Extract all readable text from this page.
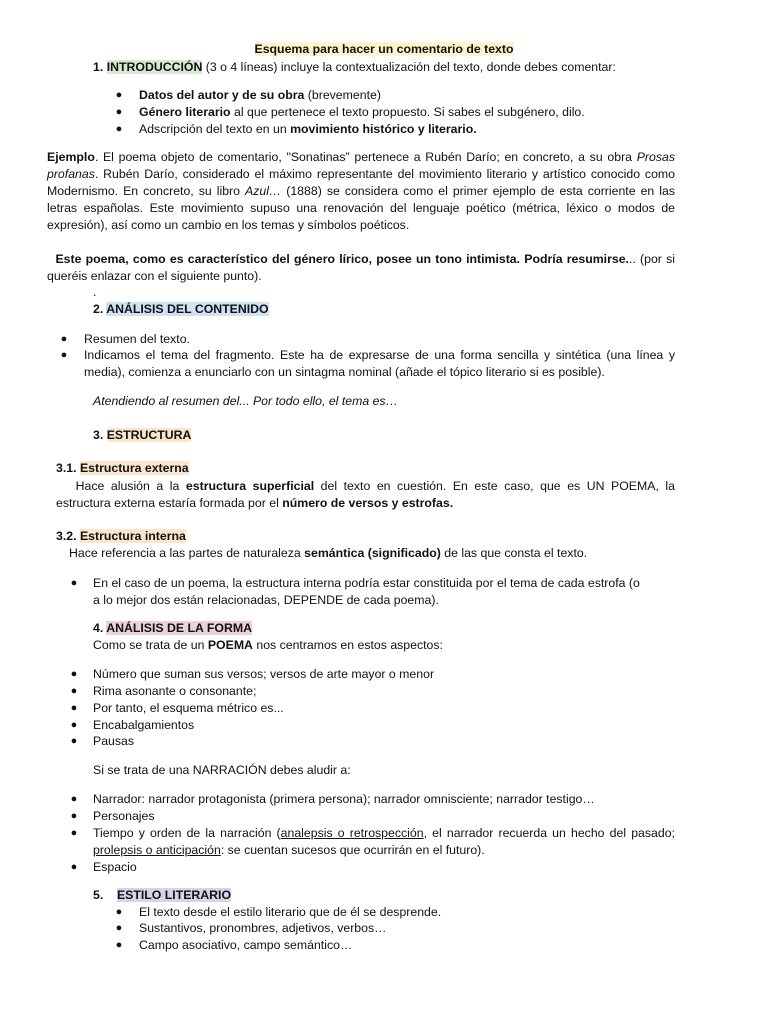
Esquema para hacer un comentario de texto
1. INTRODUCCIÓN (3 o 4 líneas) incluye la contextualización del texto, donde debes comentar:
● Datos del autor y de su obra (brevemente)
● Género literario al que pertenece el texto propuesto. Si sabes el subgénero, dilo.
● Adscripción del texto en un movimiento histórico y literario.
Ejemplo. El poema objeto de comentario, "Sonatinas” pertenece a Rubén Darío; en concreto, a su obra Prosas
profanas. Rubén Darío, considerado el máximo representante del movimiento literario y artístico conocido como
Modernismo. En concreto, su libro Azul… (1888) se considera como el primer ejemplo de esta corriente en las
letras españolas. Este movimiento supuso una renovación del lenguaje poético (métrica, léxico o modos de
expresión), así como un cambio en los temas y símbolos poéticos.
Este poema, como es característico del género lírico, posee un tono intimista. Podría resumirse... (por si
queréis enlazar con el siguiente punto).
.
2. ANÁLISIS DEL CONTENIDO
● Resumen del texto.
● Indicamos el tema del fragmento. Este ha de expresarse de una forma sencilla y sintética (una línea y
media), comienza a enunciarlo con un sintagma nominal (añade el tópico literario si es posible).
Atendiendo al resumen del... Por todo ello, el tema es…
3. ESTRUCTURA
3.1. Estructura externa
Hace alusión a la estructura superficial del texto en cuestión. En este caso, que es UN POEMA, la
estructura externa estaría formada por el número de versos y estrofas.
3.2. Estructura interna
Hace referencia a las partes de naturaleza semántica (significado) de las que consta el texto.
● En el caso de un poema, la estructura interna podría estar constituida por el tema de cada estrofa (o
a lo mejor dos están relacionadas, DEPENDE de cada poema).
4. ANÁLISIS DE LA FORMA
Como se trata de un POEMA nos centramos en estos aspectos:
● Número que suman sus versos; versos de arte mayor o menor
● Rima asonante o consonante;
● Por tanto, el esquema métrico es...
● Encabalgamientos
● Pausas
Si se trata de una NARRACIÓN debes aludir a:
● Narrador: narrador protagonista (primera persona); narrador omnisciente; narrador testigo…
● Personajes
● Tiempo y orden de la narración (analepsis o retrospección, el narrador recuerda un hecho del pasado;
prolepsis o anticipación: se cuentan sucesos que ocurrirán en el futuro).
● Espacio
5. ESTILO LITERARIO
● El texto desde el estilo literario que de él se desprende.
● Sustantivos, pronombres, adjetivos, verbos…
● Campo asociativo, campo semántico…
